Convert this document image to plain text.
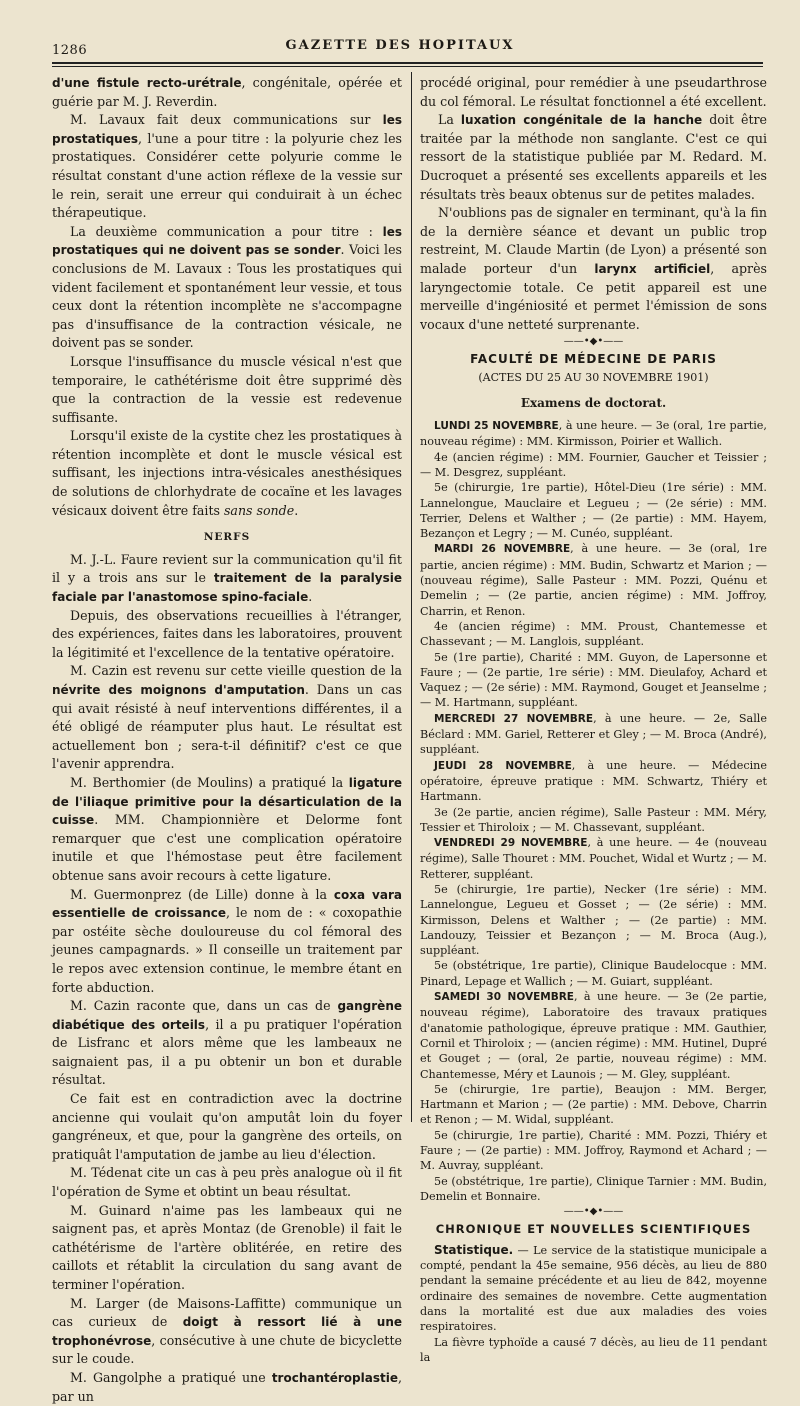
1286	GAZETTE DES HOPITAUX

d'une fistule recto-urétrale, congénitale, opérée et guérie par M. J. Reverdin.

M. Lavaux fait deux communications sur les prostatiques, l'une a pour titre : la polyurie chez les prostatiques. Considérer cette polyurie comme le résultat constant d'une action réflexe de la vessie sur le rein, serait une erreur qui conduirait à un échec thérapeutique.

La deuxième communication a pour titre : les prostatiques qui ne doivent pas se sonder. Voici les conclusions de M. Lavaux : Tous les prostatiques qui vident facilement et spontanément leur vessie, et tous ceux dont la rétention incomplète ne s'accompagne pas d'insuffisance de la contraction vésicale, ne doivent pas se sonder.

Lorsque l'insuffisance du muscle vésical n'est que temporaire, le cathétérisme doit être supprimé dès que la contraction de la vessie est redevenue suffisante.

Lorsqu'il existe de la cystite chez les prostatiques à rétention incomplète et dont le muscle vésical est suffisant, les injections intra-vésicales anesthésiques de solutions de chlorhydrate de cocaïne et les lavages vésicaux doivent être faits sans sonde.

NERFS

M. J.-L. Faure revient sur la communication qu'il fit il y a trois ans sur le traitement de la paralysie faciale par l'anastomose spino-faciale.

Depuis, des observations recueillies à l'étranger, des expériences, faites dans les laboratoires, prouvent la légitimité et l'excellence de la tentative opératoire.

M. Cazin est revenu sur cette vieille question de la névrite des moignons d'amputation. Dans un cas qui avait résisté à neuf interventions différentes, il a été obligé de réamputer plus haut. Le résultat est actuellement bon ; sera-t-il définitif? c'est ce que l'avenir apprendra.

M. Berthomier (de Moulins) a pratiqué la ligature de l'iliaque primitive pour la désarticulation de la cuisse. MM. Championnière et Delorme font remarquer que c'est une complication opératoire inutile et que l'hémostase peut être facilement obtenue sans avoir recours à cette ligature.

M. Guermonprez (de Lille) donne à la coxa vara essentielle de croissance, le nom de : « coxopathie par ostéite sèche douloureuse du col fémoral des jeunes campagnards. » Il conseille un traitement par le repos avec extension continue, le membre étant en forte abduction.

M. Cazin raconte que, dans un cas de gangrène diabétique des orteils, il a pu pratiquer l'opération de Lisfranc et alors même que les lambeaux ne saignaient pas, il a pu obtenir un bon et durable résultat.

Ce fait est en contradiction avec la doctrine ancienne qui voulait qu'on amputât loin du foyer gangréneux, et que, pour la gangrène des orteils, on pratiquât l'amputation de jambe au lieu d'élection.

M. Tédenat cite un cas à peu près analogue où il fit l'opération de Syme et obtint un beau résultat.

M. Guinard n'aime pas les lambeaux qui ne saignent pas, et après Montaz (de Grenoble) il fait le cathétérisme de l'artère oblitérée, en retire des caillots et rétablit la circulation du sang avant de terminer l'opération.

M. Larger (de Maisons-Laffitte) communique un cas curieux de doigt à ressort lié à une trophonévrose, consécutive à une chute de bicyclette sur le coude.

M. Gangolphe a pratiqué une trochantéroplastie, par un

procédé original, pour remédier à une pseudarthrose du col fémoral. Le résultat fonctionnel a été excellent.

La luxation congénitale de la hanche doit être traitée par la méthode non sanglante. C'est ce qui ressort de la statistique publiée par M. Redard. M. Ducroquet a présenté ses excellents appareils et les résultats très beaux obtenus sur de petites malades.

N'oublions pas de signaler en terminant, qu'à la fin de la dernière séance et devant un public trop restreint, M. Claude Martin (de Lyon) a présenté son malade porteur d'un larynx artificiel, après laryngectomie totale. Ce petit appareil est une merveille d'ingéniosité et permet l'émission de sons vocaux d'une netteté surprenante.

——•◆•——
FACULTÉ DE MÉDECINE DE PARIS
(ACTES DU 25 AU 30 NOVEMBRE 1901)
Examens de doctorat.

LUNDI 25 NOVEMBRE, à une heure. — 3e (oral, 1re partie, nouveau régime) : MM. Kirmisson, Poirier et Wallich.

4e (ancien régime) : MM. Fournier, Gaucher et Teissier ; — M. Desgrez, suppléant.

5e (chirurgie, 1re partie), Hôtel-Dieu (1re série) : MM. Lannelongue, Mauclaire et Legueu ; — (2e série) : MM. Terrier, Delens et Walther ; — (2e partie) : MM. Hayem, Bezançon et Legry ; — M. Cunéo, suppléant.

MARDI 26 NOVEMBRE, à une heure. — 3e (oral, 1re partie, ancien régime) : MM. Budin, Schwartz et Marion ; — (nouveau régime), Salle Pasteur : MM. Pozzi, Quénu et Demelin ; — (2e partie, ancien régime) : MM. Joffroy, Charrin, et Renon.

4e (ancien régime) : MM. Proust, Chantemesse et Chassevant ; — M. Langlois, suppléant.

5e (1re partie), Charité : MM. Guyon, de Lapersonne et Faure ; — (2e partie, 1re série) : MM. Dieulafoy, Achard et Vaquez ; — (2e série) : MM. Raymond, Gouget et Jeanselme ; — M. Hartmann, suppléant.

MERCREDI 27 NOVEMBRE, à une heure. — 2e, Salle Béclard : MM. Gariel, Retterer et Gley ; — M. Broca (André), suppléant.

JEUDI 28 NOVEMBRE, à une heure. — Médecine opératoire, épreuve pratique : MM. Schwartz, Thiéry et Hartmann.

3e (2e partie, ancien régime), Salle Pasteur : MM. Méry, Tessier et Thiroloix ; — M. Chassevant, suppléant.

VENDREDI 29 NOVEMBRE, à une heure. — 4e (nouveau régime), Salle Thouret : MM. Pouchet, Widal et Wurtz ; — M. Retterer, suppléant.

5e (chirurgie, 1re partie), Necker (1re série) : MM. Lannelongue, Legueu et Gosset ; — (2e série) : MM. Kirmisson, Delens et Walther ; — (2e partie) : MM. Landouzy, Teissier et Bezançon ; — M. Broca (Aug.), suppléant.

5e (obstétrique, 1re partie), Clinique Baudelocque : MM. Pinard, Lepage et Wallich ; — M. Guiart, suppléant.

SAMEDI 30 NOVEMBRE, à une heure. — 3e (2e partie, nouveau régime), Laboratoire des travaux pratiques d'anatomie pathologique, épreuve pratique : MM. Gauthier, Cornil et Thiroloix ; — (ancien régime) : MM. Hutinel, Dupré et Gouget ; — (oral, 2e partie, nouveau régime) : MM. Chantemesse, Méry et Launois ; — M. Gley, suppléant.

5e (chirurgie, 1re partie), Beaujon : MM. Berger, Hartmann et Marion ; — (2e partie) : MM. Debove, Charrin et Renon ; — M. Widal, suppléant.

5e (chirurgie, 1re partie), Charité : MM. Pozzi, Thiéry et Faure ; — (2e partie) : MM. Joffroy, Raymond et Achard ; — M. Auvray, suppléant.

5e (obstétrique, 1re partie), Clinique Tarnier : MM. Budin, Demelin et Bonnaire.

——•◆•——
CHRONIQUE ET NOUVELLES SCIENTIFIQUES

Statistique. — Le service de la statistique municipale a compté, pendant la 45e semaine, 956 décès, au lieu de 880 pendant la semaine précédente et au lieu de 842, moyenne ordinaire des semaines de novembre. Cette augmentation dans la mortalité est due aux maladies des voies respiratoires.

La fièvre typhoïde a causé 7 décès, au lieu de 11 pendant la
